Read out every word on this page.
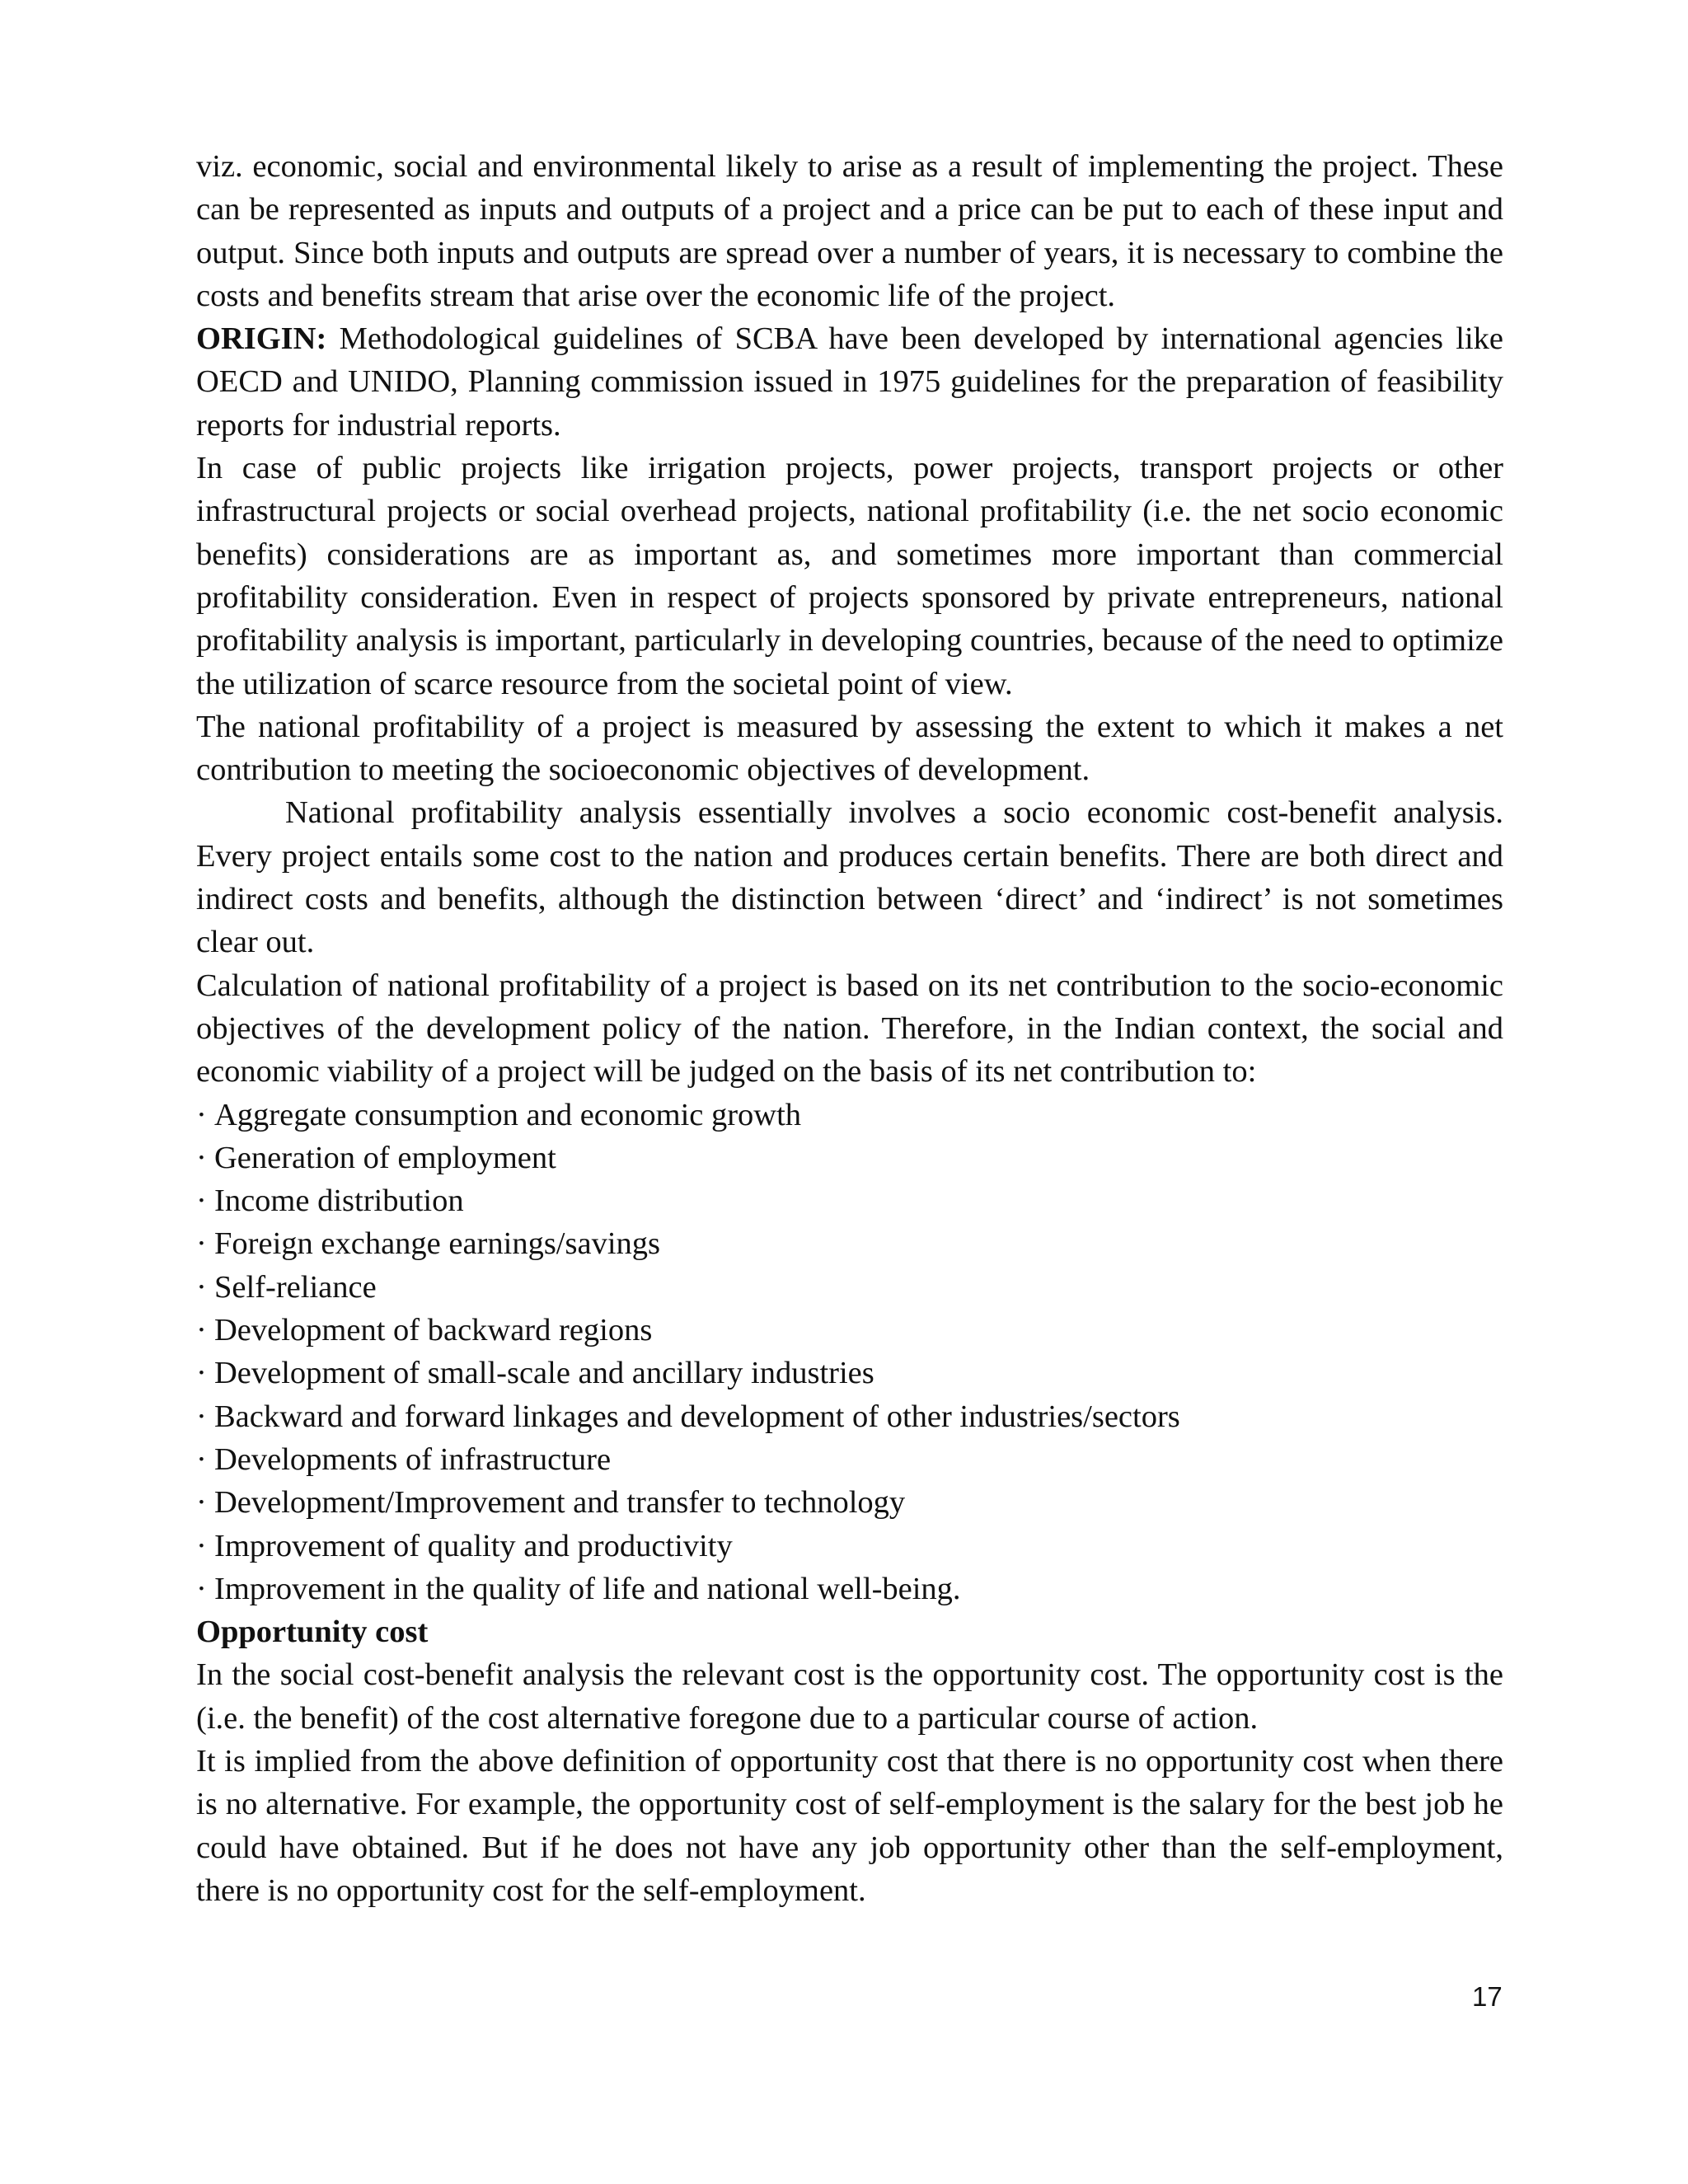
viz. economic, social and environmental likely to arise as a result of implementing the project. These can be represented as inputs and outputs of a project and a price can be put to each of these input and output. Since both inputs and outputs are spread over a number of years, it is necessary to combine the costs and benefits stream that arise over the economic life of the project.

ORIGIN: Methodological guidelines of SCBA have been developed by international agencies like OECD and UNIDO, Planning commission issued in 1975 guidelines for the preparation of feasibility reports for industrial reports.

In case of public projects like irrigation projects, power projects, transport projects or other infrastructural projects or social overhead projects, national profitability (i.e. the net socio economic benefits) considerations are as important as, and sometimes more important than commercial profitability consideration. Even in respect of projects sponsored by private entrepreneurs, national profitability analysis is important, particularly in developing countries, because of the need to optimize the utilization of scarce resource from the societal point of view.

The national profitability of a project is measured by assessing the extent to which it makes a net contribution to meeting the socioeconomic objectives of development.

National profitability analysis essentially involves a socio economic cost-benefit analysis. Every project entails some cost to the nation and produces certain benefits. There are both direct and indirect costs and benefits, although the distinction between ‘direct’ and ‘indirect’ is not sometimes clear out.

Calculation of national profitability of a project is based on its net contribution to the socio-economic objectives of the development policy of the nation. Therefore, in the Indian context, the social and economic viability of a project will be judged on the basis of its net contribution to:

· Aggregate consumption and economic growth
· Generation of employment
· Income distribution
· Foreign exchange earnings/savings
· Self-reliance
· Development of backward regions
· Development of small-scale and ancillary industries
· Backward and forward linkages and development of other industries/sectors
· Developments of infrastructure
· Development/Improvement and transfer to technology
· Improvement of quality and productivity
· Improvement in the quality of life and national well-being.

Opportunity cost

In the social cost-benefit analysis the relevant cost is the opportunity cost. The opportunity cost is the (i.e. the benefit) of the cost alternative foregone due to a particular course of action.

It is implied from the above definition of opportunity cost that there is no opportunity cost when there is no alternative. For example, the opportunity cost of self-employment is the salary for the best job he could have obtained. But if he does not have any job opportunity other than the self-employment, there is no opportunity cost for the self-employment.

17
